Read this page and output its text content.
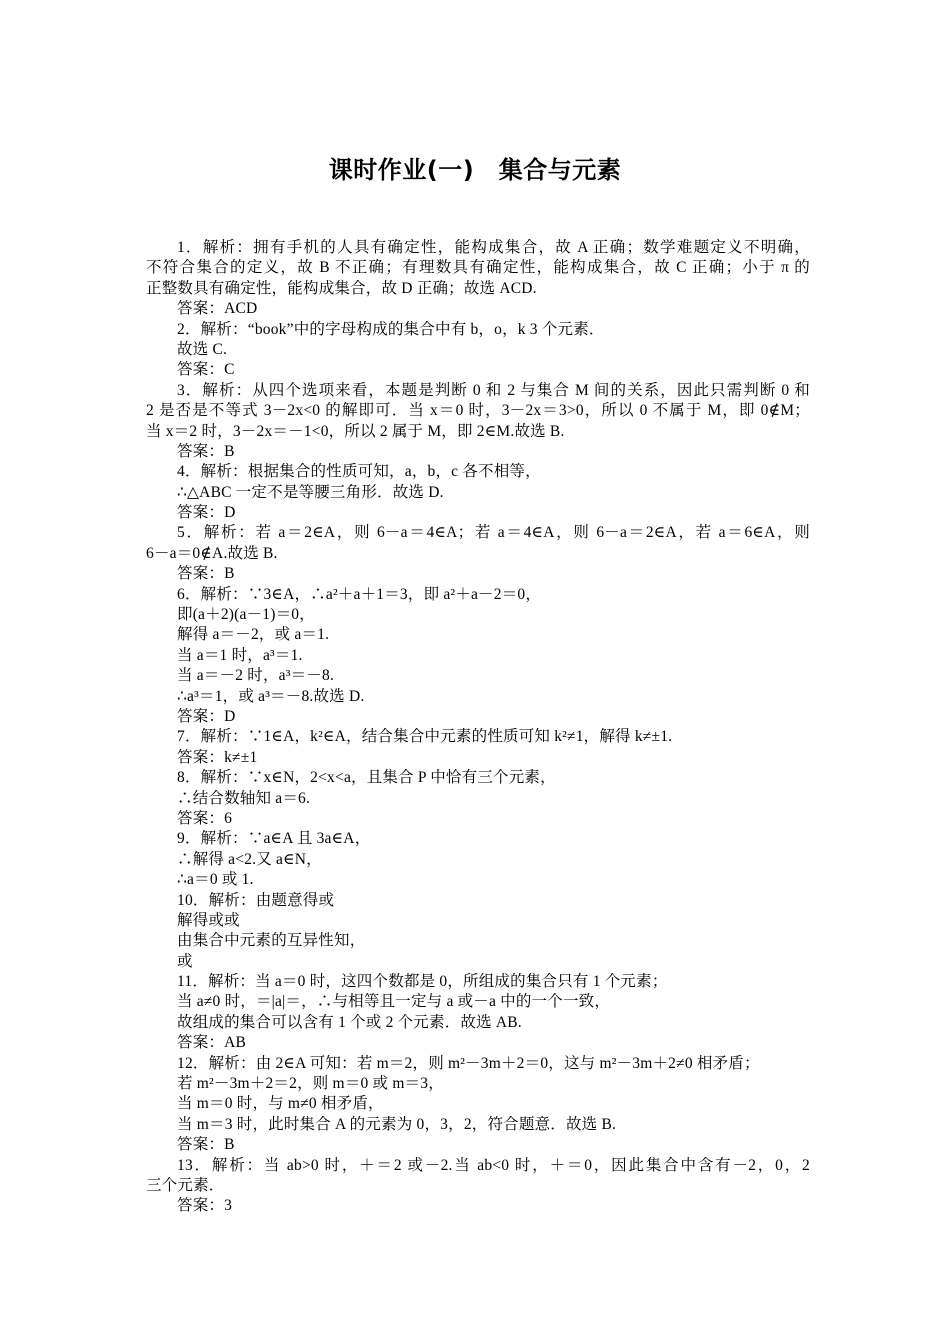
课时作业(一)　集合与元素
1．解析：拥有手机的人具有确定性，能构成集合，故 A 正确；数学难题定义不明确，
不符合集合的定义，故 B 不正确；有理数具有确定性，能构成集合，故 C 正确；小于 π 的
正整数具有确定性，能构成集合，故 D 正确；故选 ACD.
答案：ACD
2．解析：“book”中的字母构成的集合中有 b，o，k 3 个元素．
故选 C.
答案：C
3．解析：从四个选项来看，本题是判断 0 和 2 与集合 M 间的关系，因此只需判断 0 和
2 是否是不等式 3－2x<0 的解即可．当 x＝0 时，3－2x＝3>0，所以 0 不属于 M，即 0∉M；
当 x＝2 时，3－2x＝－1<0，所以 2 属于 M，即 2∈M.故选 B.
答案：B
4．解析：根据集合的性质可知，a，b，c 各不相等，
∴△ABC 一定不是等腰三角形．故选 D.
答案：D
5．解析：若 a＝2∈A，则 6－a＝4∈A；若 a＝4∈A，则 6－a＝2∈A，若 a＝6∈A，则
6－a＝0∉A.故选 B.
答案：B
6．解析：∵3∈A，∴a²＋a＋1＝3，即 a²＋a－2＝0，
即(a＋2)(a－1)＝0，
解得 a＝－2，或 a＝1.
当 a＝1 时，a³＝1.
当 a＝－2 时，a³＝－8.
∴a³＝1，或 a³＝－8.故选 D.
答案：D
7．解析：∵1∈A，k²∈A，结合集合中元素的性质可知 k²≠1，解得 k≠±1.
答案：k≠±1
8．解析：∵x∈N，2<x<a，且集合 P 中恰有三个元素，
∴结合数轴知 a＝6.
答案：6
9．解析：∵a∈A 且 3a∈A，
∴解得 a<2.又 a∈N，
∴a＝0 或 1.
10．解析：由题意得或
解得或或
由集合中元素的互异性知，
或
11．解析：当 a＝0 时，这四个数都是 0，所组成的集合只有 1 个元素；
当 a≠0 时，＝|a|＝，∴与相等且一定与 a 或－a 中的一个一致，
故组成的集合可以含有 1 个或 2 个元素．故选 AB.
答案：AB
12．解析：由 2∈A 可知：若 m＝2，则 m²－3m＋2＝0，这与 m²－3m＋2≠0 相矛盾；
若 m²－3m＋2＝2，则 m＝0 或 m＝3，
当 m＝0 时，与 m≠0 相矛盾，
当 m＝3 时，此时集合 A 的元素为 0，3，2，符合题意．故选 B.
答案：B
13．解析：当 ab>0 时，＋＝2 或－2.当 ab<0 时，＋＝0，因此集合中含有－2，0，2
三个元素．
答案：3
